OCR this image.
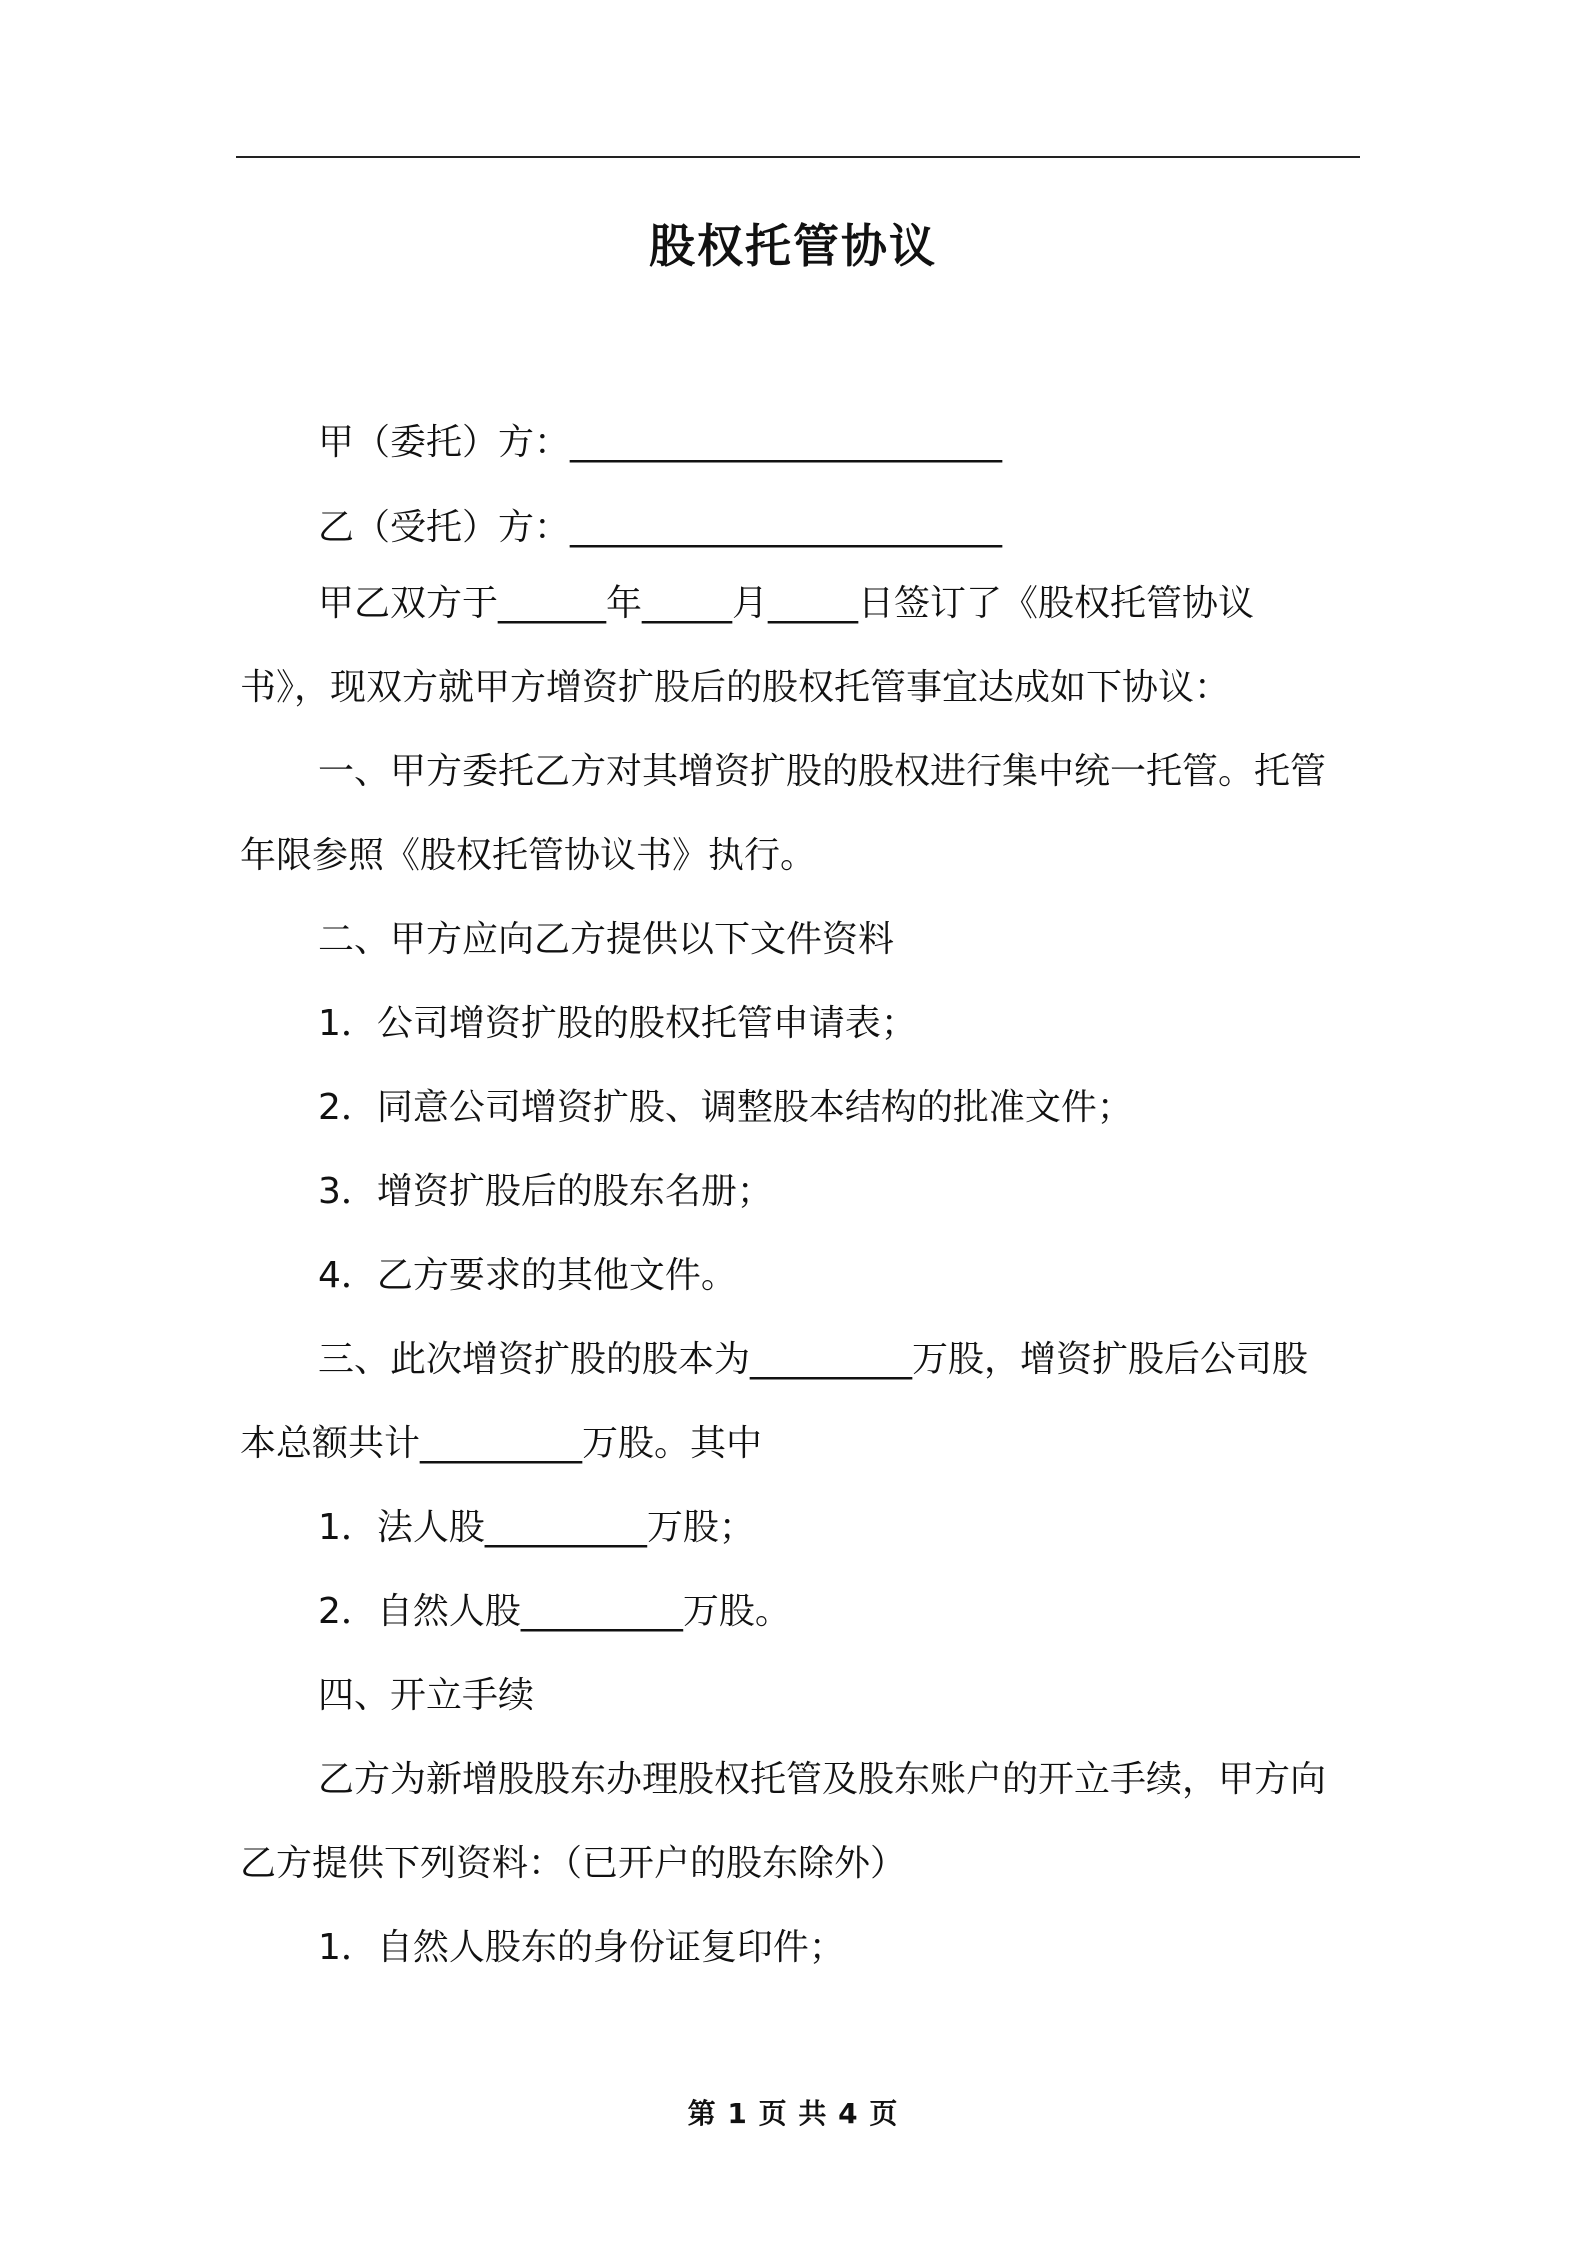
股权托管协议
甲（委托）方：________________________
乙（受托）方：________________________
甲乙双方于______年_____月_____日签订了《股权托管协议
书》，现双方就甲方增资扩股后的股权托管事宜达成如下协议：
一、甲方委托乙方对其增资扩股的股权进行集中统一托管。托管
年限参照《股权托管协议书》执行。
二、甲方应向乙方提供以下文件资料
1．公司增资扩股的股权托管申请表；
2．同意公司增资扩股、调整股本结构的批准文件；
3．增资扩股后的股东名册；
4．乙方要求的其他文件。
三、此次增资扩股的股本为_________万股，增资扩股后公司股
本总额共计_________万股。其中
1．法人股_________万股；
2．自然人股_________万股。
四、开立手续
乙方为新增股股东办理股权托管及股东账户的开立手续，甲方向
乙方提供下列资料：（已开户的股东除外）
1．自然人股东的身份证复印件；
第 1 页 共 4 页
